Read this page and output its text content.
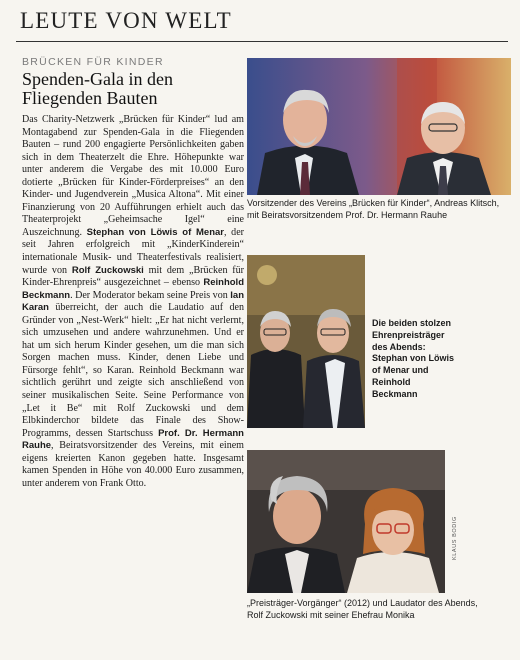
LEUTE VON WELT
BRÜCKEN FÜR KINDER
Spenden-Gala in den
Fliegenden Bauten

Das Charity-Netzwerk „Brücken für Kinder“ lud am Montagabend zur Spenden-Gala in die Fliegenden Bauten – rund 200 engagierte Persönlichkeiten gaben sich in dem Theaterzelt die Ehre. Höhepunkte war unter anderem die Vergabe des mit 10.000 Euro dotierte „Brücken für Kinder-Förderpreises“ an den Kinder- und Jugendverein „Musica Altona“. Mit einer Finanzierung von 20 Aufführungen erhielt auch das Theaterprojekt „Geheimsache Igel“ eine Auszeichnung. Stephan von Löwis of Menar, der seit Jahren erfolgreich mit „KinderKinderein“ internationale Musik- und Theaterfestivals realisiert, wurde von Rolf Zuckowski mit dem „Brücken für Kinder-Ehrenpreis“ ausgezeichnet – ebenso Reinhold Beckmann. Der Moderator bekam seine Preis von Ian Karan überreicht, der auch die Laudatio auf den Gründer von „Nest-Werk“ hielt: „Er hat nicht verlernt, sich umzusehen und andere wahrzunehmen. Und er hat um sich herum Kinder gesehen, um die man sich Sorgen machen muss. Kinder, denen Liebe und Fürsorge fehlt“, so Karan. Reinhold Beckmann war sichtlich gerührt und zeigte sich anschließend von seiner musikalischen Seite. Seine Performance von „Let it Be“ mit Rolf Zuckowski und dem Elbkinderchor bildete das Finale des Show-Programms, dessen Startschuss Prof. Dr. Hermann Rauhe, Beiratsvorsitzender des Vereins, mit einem eigens kreierten Kanon gegeben hatte. Insgesamt kamen Spenden in Höhe von 40.000 Euro zusammen, unter anderem von Frank Otto.

Vorsitzender des Vereins „Brücken für Kinder“, Andreas Klitsch, mit Beiratsvorsitzendem Prof. Dr. Hermann Rauhe
Die beiden stolzen Ehrenpreisträger des Abends: Stephan von Löwis of Menar und Reinhold Beckmann
KLAUS BODIG
„Preisträger-Vorgänger“ (2012) und Laudator des Abends, Rolf Zuckowski mit seiner Ehefrau Monika
